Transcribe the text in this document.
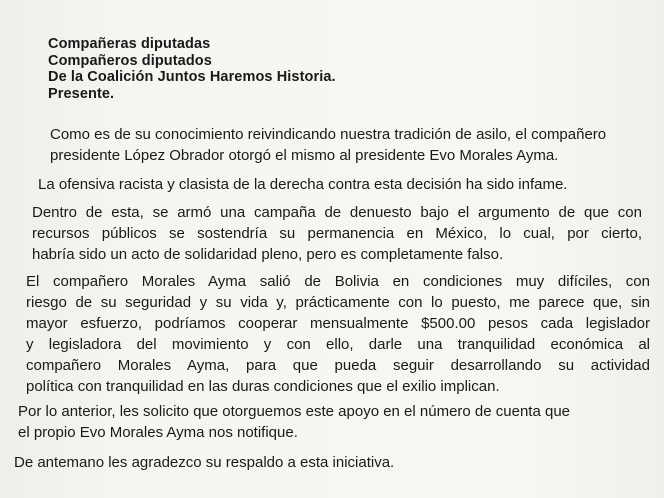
Compañeras diputadas
Compañeros diputados
De la Coalición Juntos Haremos Historia.
Presente.
Como es de su conocimiento reivindicando nuestra tradición de asilo, el compañero
presidente López Obrador otorgó el mismo al presidente Evo Morales Ayma.
La ofensiva racista y clasista de la derecha contra esta decisión ha sido infame.
Dentro de esta, se armó una campaña de denuesto bajo el argumento de que con
recursos públicos se sostendría su permanencia en México, lo cual, por cierto,
habría sido un acto de solidaridad pleno, pero es completamente falso.
El compañero Morales Ayma salió de Bolivia en condiciones muy difíciles, con
riesgo de su seguridad y su vida y, prácticamente con lo puesto, me parece que, sin
mayor esfuerzo, podríamos cooperar mensualmente $500.00 pesos cada legislador
y legisladora del movimiento y con ello, darle una tranquilidad económica al
compañero Morales Ayma, para que pueda seguir desarrollando su actividad
política con tranquilidad en las duras condiciones que el exilio implican.
Por lo anterior, les solicito que otorguemos este apoyo en el número de cuenta que
el propio Evo Morales Ayma nos notifique.
De antemano les agradezco su respaldo a esta iniciativa.
